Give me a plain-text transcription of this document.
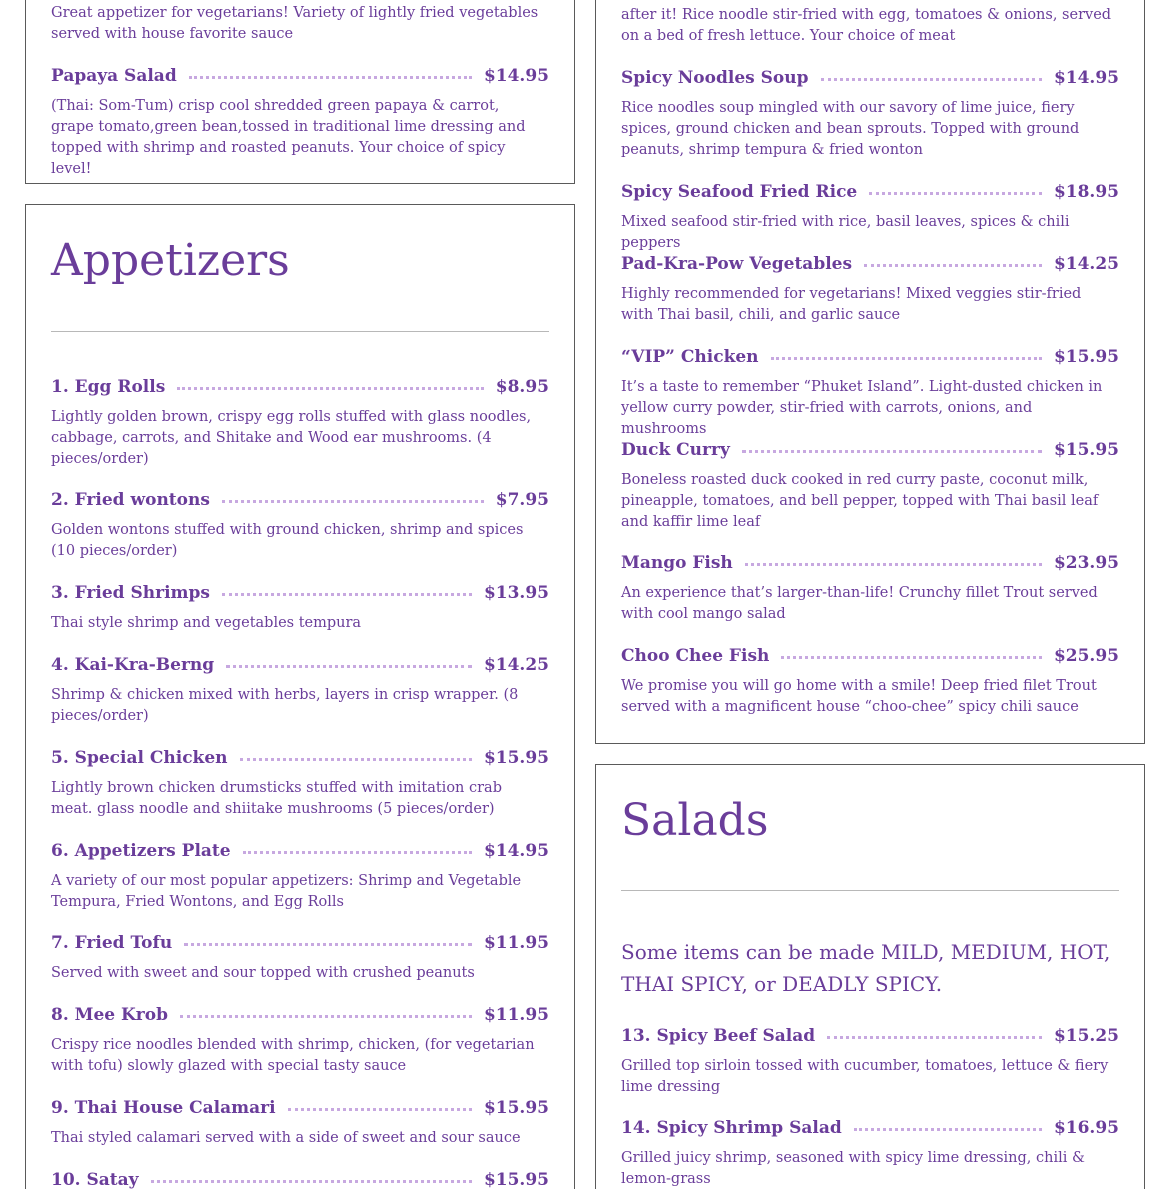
Great appetizer for vegetarians! Variety of lightly fried vegetables served with house favorite sauce
Papaya Salad	$14.95
(Thai: Som-Tum) crisp cool shredded green papaya & carrot, grape tomato,green bean,tossed in traditional lime dressing and topped with shrimp and roasted peanuts. Your choice of spicy level!
Appetizers
1. Egg Rolls	$8.95
Lightly golden brown, crispy egg rolls stuffed with glass noodles, cabbage, carrots, and Shitake and Wood ear mushrooms. (4 pieces/order)
2. Fried wontons	$7.95
Golden wontons stuffed with ground chicken, shrimp and spices (10 pieces/order)
3. Fried Shrimps	$13.95
Thai style shrimp and vegetables tempura
4. Kai-Kra-Berng	$14.25
Shrimp & chicken mixed with herbs, layers in crisp wrapper. (8 pieces/order)
5. Special Chicken	$15.95
Lightly brown chicken drumsticks stuffed with imitation crab meat. glass noodle and shiitake mushrooms (5 pieces/order)
6. Appetizers Plate	$14.95
A variety of our most popular appetizers: Shrimp and Vegetable Tempura, Fried Wontons, and Egg Rolls
7. Fried Tofu	$11.95
Served with sweet and sour topped with crushed peanuts
8. Mee Krob	$11.95
Crispy rice noodles blended with shrimp, chicken, (for vegetarian with tofu) slowly glazed with special tasty sauce
9. Thai House Calamari	$15.95
Thai styled calamari served with a side of sweet and sour sauce
10. Satay	$15.95
after it! Rice noodle stir-fried with egg, tomatoes & onions, served on a bed of fresh lettuce. Your choice of meat
Spicy Noodles Soup	$14.95
Rice noodles soup mingled with our savory of lime juice, fiery spices, ground chicken and bean sprouts. Topped with ground peanuts, shrimp tempura & fried wonton
Spicy Seafood Fried Rice	$18.95
Mixed seafood stir-fried with rice, basil leaves, spices & chili peppers
Pad-Kra-Pow Vegetables	$14.25
Highly recommended for vegetarians! Mixed veggies stir-fried with Thai basil, chili, and garlic sauce
“VIP” Chicken	$15.95
It’s a taste to remember “Phuket Island”. Light-dusted chicken in yellow curry powder, stir-fried with carrots, onions, and mushrooms
Duck Curry	$15.95
Boneless roasted duck cooked in red curry paste, coconut milk, pineapple, tomatoes, and bell pepper, topped with Thai basil leaf and kaffir lime leaf
Mango Fish	$23.95
An experience that’s larger-than-life! Crunchy fillet Trout served with cool mango salad
Choo Chee Fish	$25.95
We promise you will go home with a smile! Deep fried filet Trout served with a magnificent house “choo-chee” spicy chili sauce
Salads
Some items can be made MILD, MEDIUM, HOT, THAI SPICY, or DEADLY SPICY.
13. Spicy Beef Salad	$15.25
Grilled top sirloin tossed with cucumber, tomatoes, lettuce & fiery lime dressing
14. Spicy Shrimp Salad	$16.95
Grilled juicy shrimp, seasoned with spicy lime dressing, chili & lemon-grass
